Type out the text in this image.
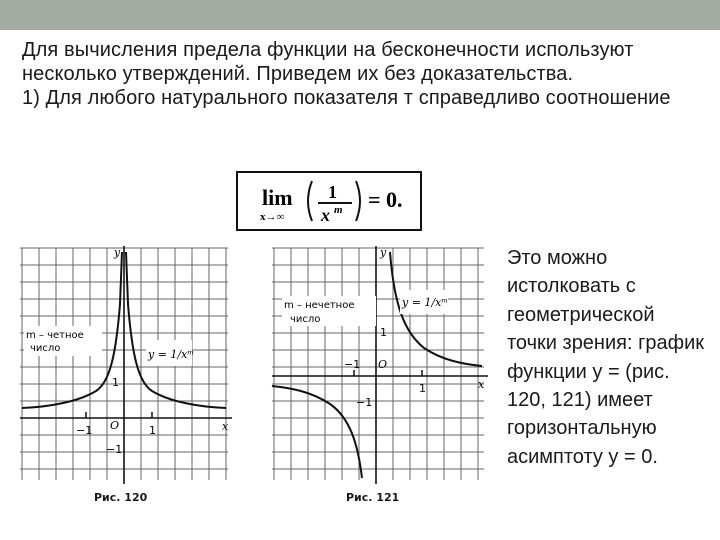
Для вычисления предела функции на бесконечности используют несколько утверждений. Приведем их без доказательства.

1) Для любого натурального показателя т справедливо соотношение

lim
x→∞
1
x m = 0.
m – четное
число	y = 1/xᵐ
y
x
O
1
1
−1
−1
Рис. 120
m – нечетное
число
y = 1/xᵐ
y
x
O
1
1
−1
−1
Рис. 121
Это можно истолковать с геометрической точки зрения: график функции y = (рис. 120, 121) имеет горизонтальную асимптоту y = 0.
